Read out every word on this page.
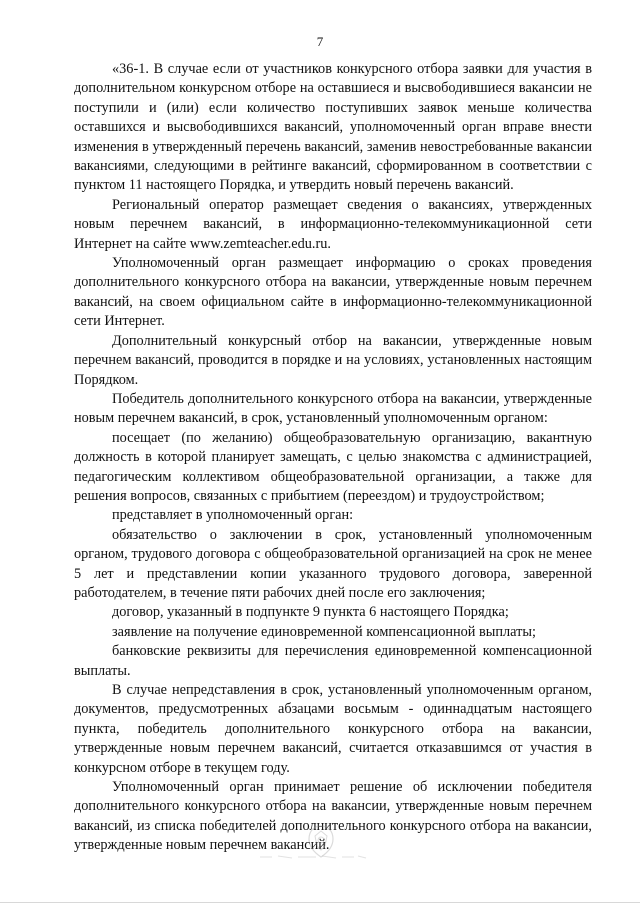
7

«36-1. В случае если от участников конкурсного отбора заявки для участия в дополнительном конкурсном отборе на оставшиеся и высвободившиеся вакансии не поступили и (или) если количество поступивших заявок меньше количества оставшихся и высвободившихся вакансий, уполномоченный орган вправе внести изменения в утвержденный перечень вакансий, заменив невостребованные вакансии вакансиями, следующими в рейтинге вакансий, сформированном в соответствии с пунктом 11 настоящего Порядка, и утвердить новый перечень вакансий.

Региональный оператор размещает сведения о вакансиях, утвержденных новым перечнем вакансий, в информационно-телекоммуникационной сети Интернет на сайте www.zemteacher.edu.ru.

Уполномоченный орган размещает информацию о сроках проведения дополнительного конкурсного отбора на вакансии, утвержденные новым перечнем вакансий, на своем официальном сайте в информационно-телекоммуникационной сети Интернет.

Дополнительный конкурсный отбор на вакансии, утвержденные новым перечнем вакансий, проводится в порядке и на условиях, установленных настоящим Порядком.

Победитель дополнительного конкурсного отбора на вакансии, утвержденные новым перечнем вакансий, в срок, установленный уполномоченным органом:

посещает (по желанию) общеобразовательную организацию, вакантную должность в которой планирует замещать, с целью знакомства с администрацией, педагогическим коллективом общеобразовательной организации, а также для решения вопросов, связанных с прибытием (переездом) и трудоустройством;

представляет в уполномоченный орган:

обязательство о заключении в срок, установленный уполномоченным органом, трудового договора с общеобразовательной организацией на срок не менее 5 лет и представлении копии указанного трудового договора, заверенной работодателем, в течение пяти рабочих дней после его заключения;

договор, указанный в подпункте 9 пункта 6 настоящего Порядка;

заявление на получение единовременной компенсационной выплаты;

банковские реквизиты для перечисления единовременной компенсационной выплаты.

В случае непредставления в срок, установленный уполномоченным органом, документов, предусмотренных абзацами восьмым - одиннадцатым настоящего пункта, победитель дополнительного конкурсного отбора на вакансии, утвержденные новым перечнем вакансий, считается отказавшимся от участия в конкурсном отборе в текущем году.

Уполномоченный орган принимает решение об исключении победителя дополнительного конкурсного отбора на вакансии, утвержденные новым перечнем вакансий, из списка победителей дополнительного конкурсного отбора на вакансии, утвержденные новым перечнем вакансий.
